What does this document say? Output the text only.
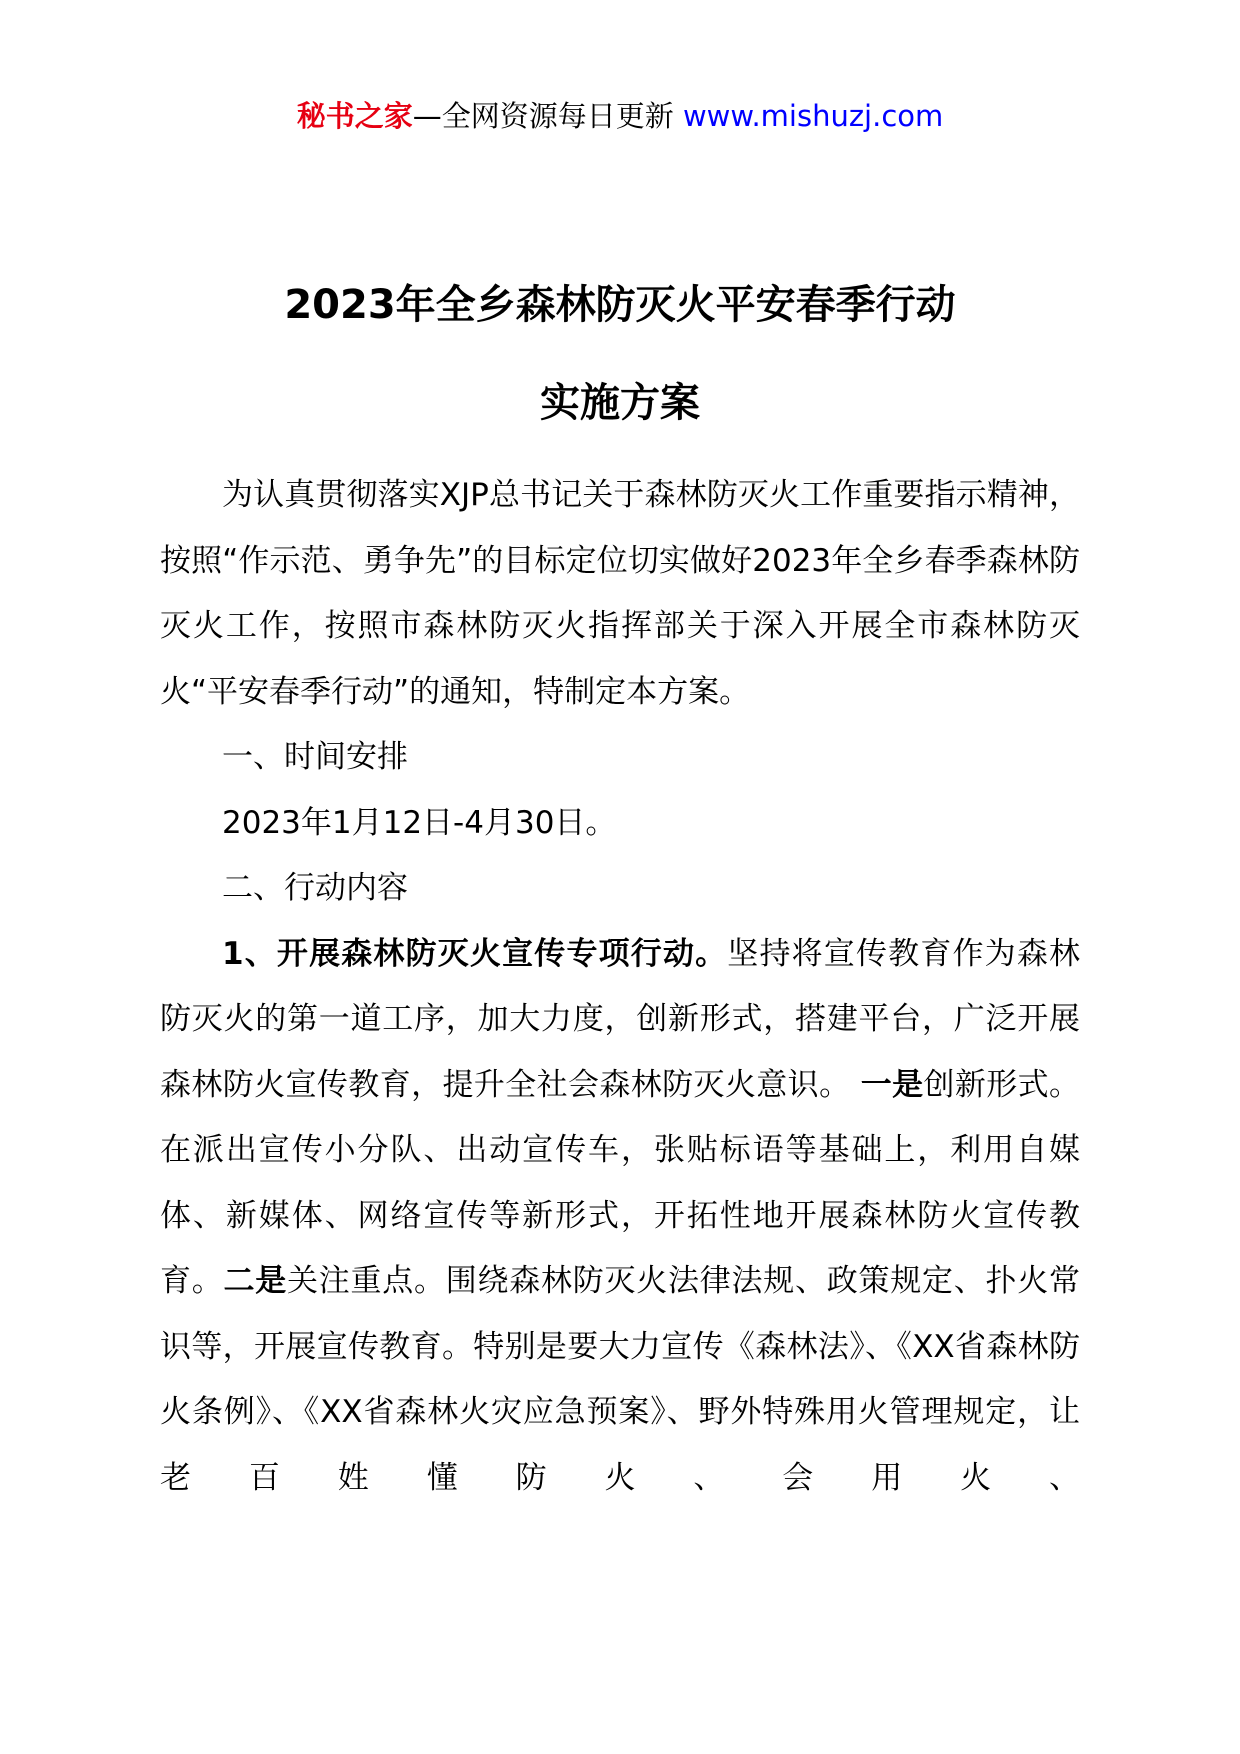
秘书之家—全网资源每日更新 www.mishuzj.com
2023年全乡森林防灭火平安春季行动
实施方案

为认真贯彻落实XJP总书记关于森林防灭火工作重要指示精神，按照“作示范、勇争先”的目标定位切实做好2023年全乡春季森林防灭火工作，按照市森林防灭火指挥部关于深入开展全市森林防灭火“平安春季行动”的通知，特制定本方案。

一、时间安排

2023年1月12日-4月30日。

二、行动内容

1、开展森林防灭火宣传专项行动。坚持将宣传教育作为森林防灭火的第一道工序，加大力度，创新形式，搭建平台，广泛开展森林防火宣传教育，提升全社会森林防灭火意识。 一是创新形式。在派出宣传小分队、出动宣传车，张贴标语等基础上，利用自媒体、新媒体、网络宣传等新形式，开拓性地开展森林防火宣传教育。二是关注重点。围绕森林防灭火法律法规、政策规定、扑火常识等，开展宣传教育。特别是要大力宣传《森林法》、《XX省森林防火条例》、《XX省森林火灾应急预案》、野外特殊用火管理规定，让老百姓懂防火、会用火、
